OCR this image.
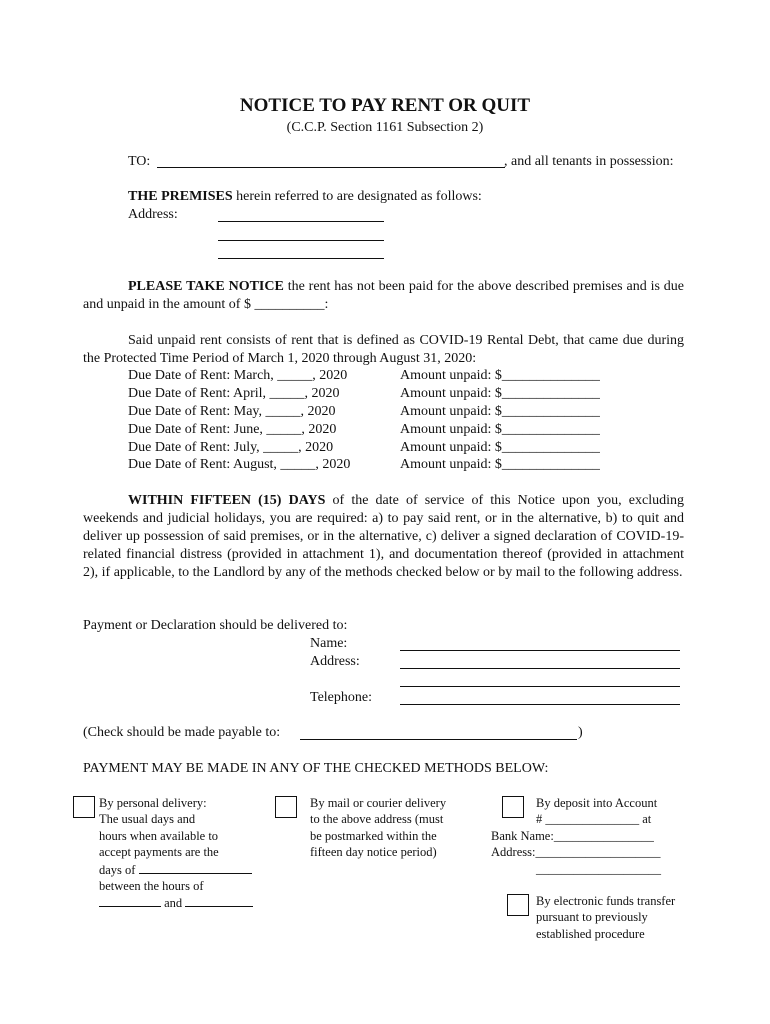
NOTICE TO PAY RENT OR QUIT
(C.C.P. Section 1161 Subsection 2)
TO:	, and all tenants in possession:
THE PREMISES herein referred to are designated as follows:
Address:
PLEASE TAKE NOTICE the rent has not been paid for the above described premises and is due and unpaid in the amount of $ __________:
Said unpaid rent consists of rent that is defined as COVID-19 Rental Debt, that came due during the Protected Time Period of March 1, 2020 through August 31, 2020:
Due Date of Rent: March, _____, 2020	Amount unpaid: $______________
Due Date of Rent: April, _____, 2020	Amount unpaid: $______________
Due Date of Rent: May, _____, 2020	Amount unpaid: $______________
Due Date of Rent: June, _____, 2020	Amount unpaid: $______________
Due Date of Rent: July, _____, 2020	Amount unpaid: $______________
Due Date of Rent: August, _____, 2020	Amount unpaid: $______________
WITHIN FIFTEEN (15) DAYS of the date of service of this Notice upon you, excluding weekends and judicial holidays, you are required: a) to pay said rent, or in the alternative, b) to quit and deliver up possession of said premises, or in the alternative, c) deliver a signed declaration of COVID-19-related financial distress (provided in attachment 1), and documentation thereof (provided in attachment 2), if applicable, to the Landlord by any of the methods checked below or by mail to the following address.
Payment or Declaration should be delivered to:
Name:
Address:
Telephone:
(Check should be made payable to:	)
PAYMENT MAY BE MADE IN ANY OF THE CHECKED METHODS BELOW:
By personal delivery:
The usual days and
hours when available to
accept payments are the
days of
between the hours of
and
By mail or courier delivery
to the above address (must
be postmarked within the
fifteen day notice period)
By deposit into Account
# _______________ at
Bank Name:________________
Address:____________________
____________________
By electronic funds transfer
pursuant to previously
established procedure
